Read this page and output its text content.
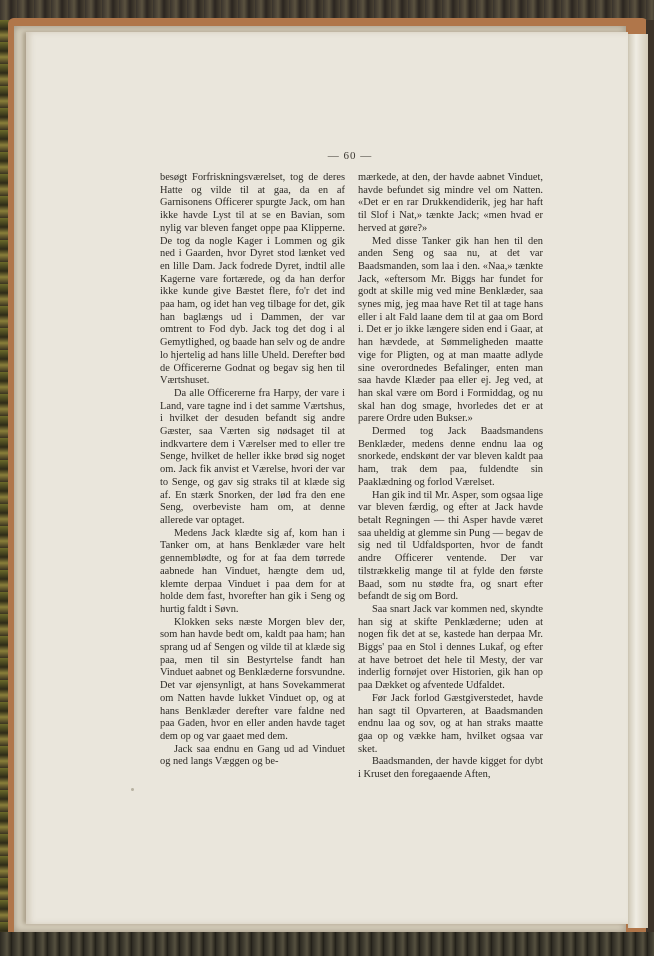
— 60 —

besøgt Forfriskningsværelset, tog de deres Hatte og vilde til at gaa, da en af Garnisonens Officerer spurgte Jack, om han ikke havde Lyst til at se en Bavian, som nylig var bleven fanget oppe paa Klipperne. De tog da nogle Kager i Lommen og gik ned i Gaarden, hvor Dyret stod lænket ved en lille Dam. Jack fodrede Dyret, indtil alle Kagerne vare fortærede, og da han derfor ikke kunde give Bæstet flere, fo'r det ind paa ham, og idet han veg tilbage for det, gik han baglængs ud i Dammen, der var omtrent to Fod dyb. Jack tog det dog i al Gemytlighed, og baade han selv og de andre lo hjertelig ad hans lille Uheld. Derefter bød de Officererne Godnat og begav sig hen til Værtshuset.

Da alle Officererne fra Harpy, der vare i Land, vare tagne ind i det samme Værtshus, i hvilket der desuden befandt sig andre Gæster, saa Værten sig nødsaget til at indkvartere dem i Værelser med to eller tre Senge, hvilket de heller ikke brød sig noget om. Jack fik anvist et Værelse, hvori der var to Senge, og gav sig straks til at klæde sig af. En stærk Snorken, der lød fra den ene Seng, overbeviste ham om, at denne allerede var optaget.

Medens Jack klædte sig af, kom han i Tanker om, at hans Benklæder vare helt gennemblødte, og for at faa dem tørrede aabnede han Vinduet, hængte dem ud, klemte derpaa Vinduet i paa dem for at holde dem fast, hvorefter han gik i Seng og hurtig faldt i Søvn.

Klokken seks næste Morgen blev der, som han havde bedt om, kaldt paa ham; han sprang ud af Sengen og vilde til at klæde sig paa, men til sin Bestyrtelse fandt han Vinduet aabnet og Benklæderne forsvundne. Det var øjensynligt, at hans Sovekammerat om Natten havde lukket Vinduet op, og at hans Benklæder derefter vare faldne ned paa Gaden, hvor en eller anden havde taget dem op og var gaaet med dem.

Jack saa endnu en Gang ud ad Vinduet og ned langs Væggen og be-

mærkede, at den, der havde aabnet Vinduet, havde befundet sig mindre vel om Natten. «Det er en rar Drukkendiderik, jeg har haft til Slof i Nat,» tænkte Jack; «men hvad er herved at gøre?»

Med disse Tanker gik han hen til den anden Seng og saa nu, at det var Baadsmanden, som laa i den. «Naa,» tænkte Jack, «eftersom Mr. Biggs har fundet for godt at skille mig ved mine Benklæder, saa synes mig, jeg maa have Ret til at tage hans eller i alt Fald laane dem til at gaa om Bord i. Det er jo ikke længere siden end i Gaar, at han hævdede, at Sømmeligheden maatte vige for Pligten, og at man maatte adlyde sine overordnedes Befalinger, enten man saa havde Klæder paa eller ej. Jeg ved, at han skal være om Bord i Formiddag, og nu skal han dog smage, hvorledes det er at parere Ordre uden Bukser.»

Dermed tog Jack Baadsmandens Benklæder, medens denne endnu laa og snorkede, endskønt der var bleven kaldt paa ham, trak dem paa, fuldendte sin Paaklædning og forlod Værelset.

Han gik ind til Mr. Asper, som ogsaa lige var bleven færdig, og efter at Jack havde betalt Regningen — thi Asper havde været saa uheldig at glemme sin Pung — begav de sig ned til Udfaldsporten, hvor de fandt andre Officerer ventende. Der var tilstrækkelig mange til at fylde den første Baad, som nu stødte fra, og snart efter befandt de sig om Bord.

Saa snart Jack var kommen ned, skyndte han sig at skifte Penklæderne; uden at nogen fik det at se, kastede han derpaa Mr. Biggs' paa en Stol i dennes Lukaf, og efter at have betroet det hele til Mesty, der var inderlig fornøjet over Historien, gik han op paa Dækket og afventede Udfaldet.

Før Jack forlod Gæstgiverstedet, havde han sagt til Opvarteren, at Baadsmanden endnu laa og sov, og at han straks maatte gaa op og vække ham, hvilket ogsaa var sket.

Baadsmanden, der havde kigget for dybt i Kruset den foregaaende Aften,
